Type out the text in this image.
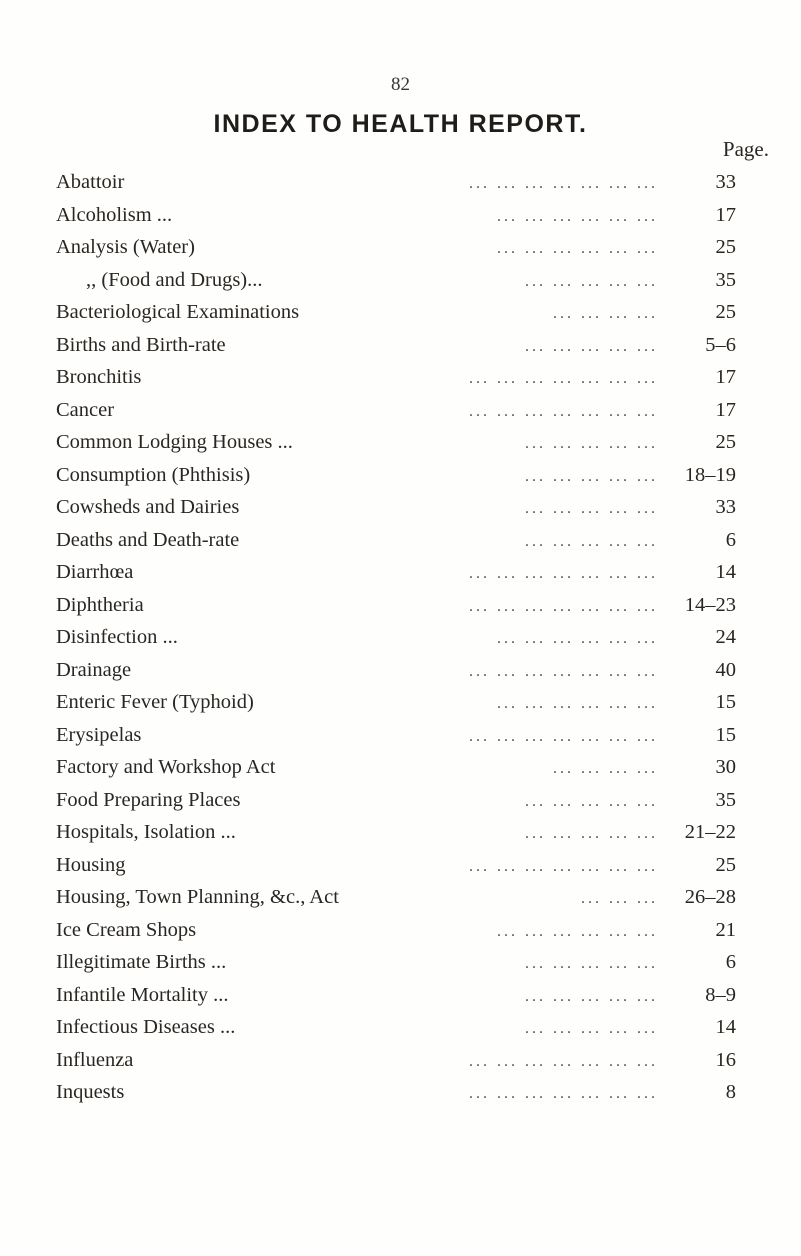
82
INDEX TO HEALTH REPORT.
Page.
Abattoir	... ... ... ... ... ... ...	33
Alcoholism ...	... ... ... ... ... ...	17
Analysis (Water)	... ... ... ... ... ...	25
,, (Food and Drugs)...	... ... ... ... ...	35
Bacteriological Examinations	... ... ... ...	25
Births and Birth-rate	... ... ... ... ...	5–6
Bronchitis	... ... ... ... ... ... ...	17
Cancer	... ... ... ... ... ... ...	17
Common Lodging Houses ...	... ... ... ... ...	25
Consumption (Phthisis)	... ... ... ... ...	18–19
Cowsheds and Dairies	... ... ... ... ...	33
Deaths and Death-rate	... ... ... ... ...	6
Diarrhœa	... ... ... ... ... ... ...	14
Diphtheria	... ... ... ... ... ... ...	14–23
Disinfection ...	... ... ... ... ... ...	24
Drainage	... ... ... ... ... ... ...	40
Enteric Fever (Typhoid)	... ... ... ... ... ...	15
Erysipelas	... ... ... ... ... ... ...	15
Factory and Workshop Act	... ... ... ...	30
Food Preparing Places	... ... ... ... ...	35
Hospitals, Isolation ...	... ... ... ... ...	21–22
Housing	... ... ... ... ... ... ...	25
Housing, Town Planning, &c., Act	... ... ...	26–28
Ice Cream Shops	... ... ... ... ... ...	21
Illegitimate Births ...	... ... ... ... ...	6
Infantile Mortality ...	... ... ... ... ...	8–9
Infectious Diseases ...	... ... ... ... ...	14
Influenza	... ... ... ... ... ... ...	16
Inquests	... ... ... ... ... ... ...	8
